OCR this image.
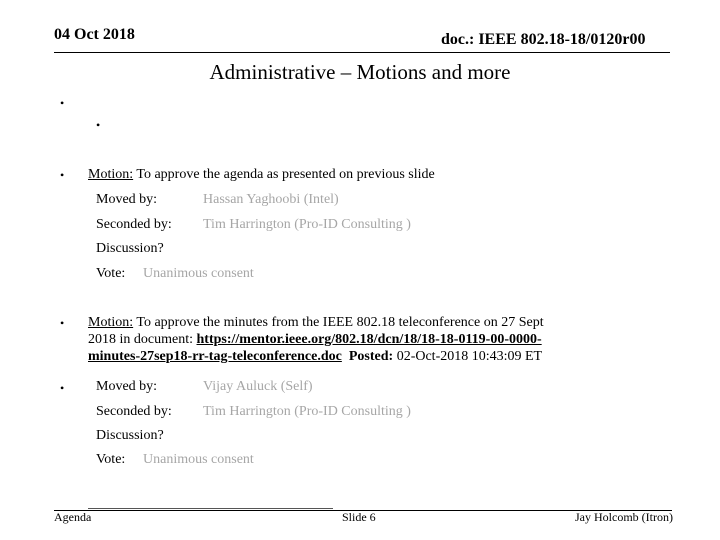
04 Oct 2018	doc.: IEEE 802.18-18/0120r00
Administrative – Motions and more
•
•
• Motion: To approve the agenda as presented on previous slide
Moved by:	Hassan Yaghoobi (Intel)
Seconded by: Tim Harrington (Pro-ID Consulting )
Discussion?
Vote: Unanimous consent
• Motion: To approve the minutes from the IEEE 802.18 teleconference on 27 Sept
2018 in document: https://mentor.ieee.org/802.18/dcn/18/18-18-0119-00-0000-
minutes-27sep18-rr-tag-teleconference.doc Posted: 02-Oct-2018 10:43:09 ET
• Moved by:	Vijay Auluck (Self)
Seconded by: Tim Harrington (Pro-ID Consulting )
Discussion?
Vote: Unanimous consent
Agenda	Slide 6	Jay Holcomb (Itron)
